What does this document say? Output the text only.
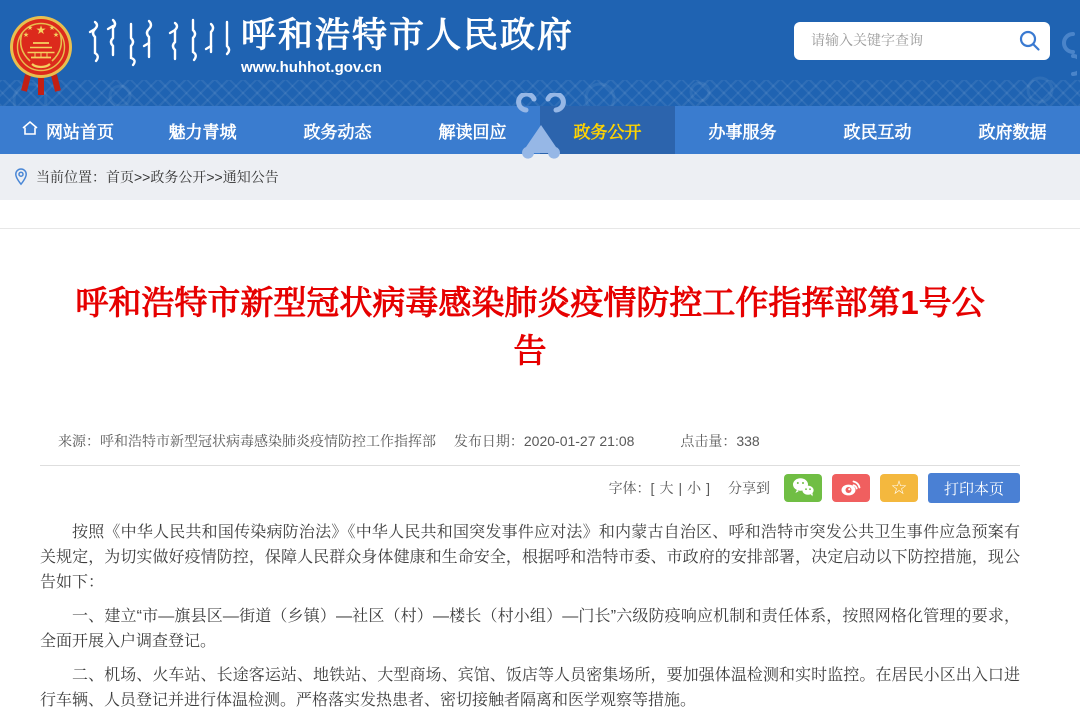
★
★ ★
★	★	呼和浩特市人民政府
www.huhhot.gov.cn
请输入关键字查询
网站首页	魅力青城	政务动态	解读回应	政务公开	办事服务	政民互动	政府数据
当前位置： 首页>>政务公开>>通知公告
呼和浩特市新型冠状病毒感染肺炎疫情防控工作指挥部第1号公告
来源：呼和浩特市新型冠状病毒感染肺炎疫情防控工作指挥部 发布日期：2020-01-27 21:08	点击量：338
字体：[ 大 | 小 ] 分享到	☆	打印本页

按照《中华人民共和国传染病防治法》《中华人民共和国突发事件应对法》和内蒙古自治区、呼和浩特市突发公共卫生事件应急预案有关规定，为切实做好疫情防控，保障人民群众身体健康和生命安全，根据呼和浩特市委、市政府的安排部署，决定启动以下防控措施，现公告如下：

一、建立“市—旗县区—街道（乡镇）—社区（村）—楼长（村小组）—门长”六级防疫响应机制和责任体系，按照网格化管理的要求，全面开展入户调查登记。

二、机场、火车站、长途客运站、地铁站、大型商场、宾馆、饭店等人员密集场所，要加强体温检测和实时监控。在居民小区出入口进行车辆、人员登记并进行体温检测。严格落实发热患者、密切接触者隔离和医学观察等措施。
